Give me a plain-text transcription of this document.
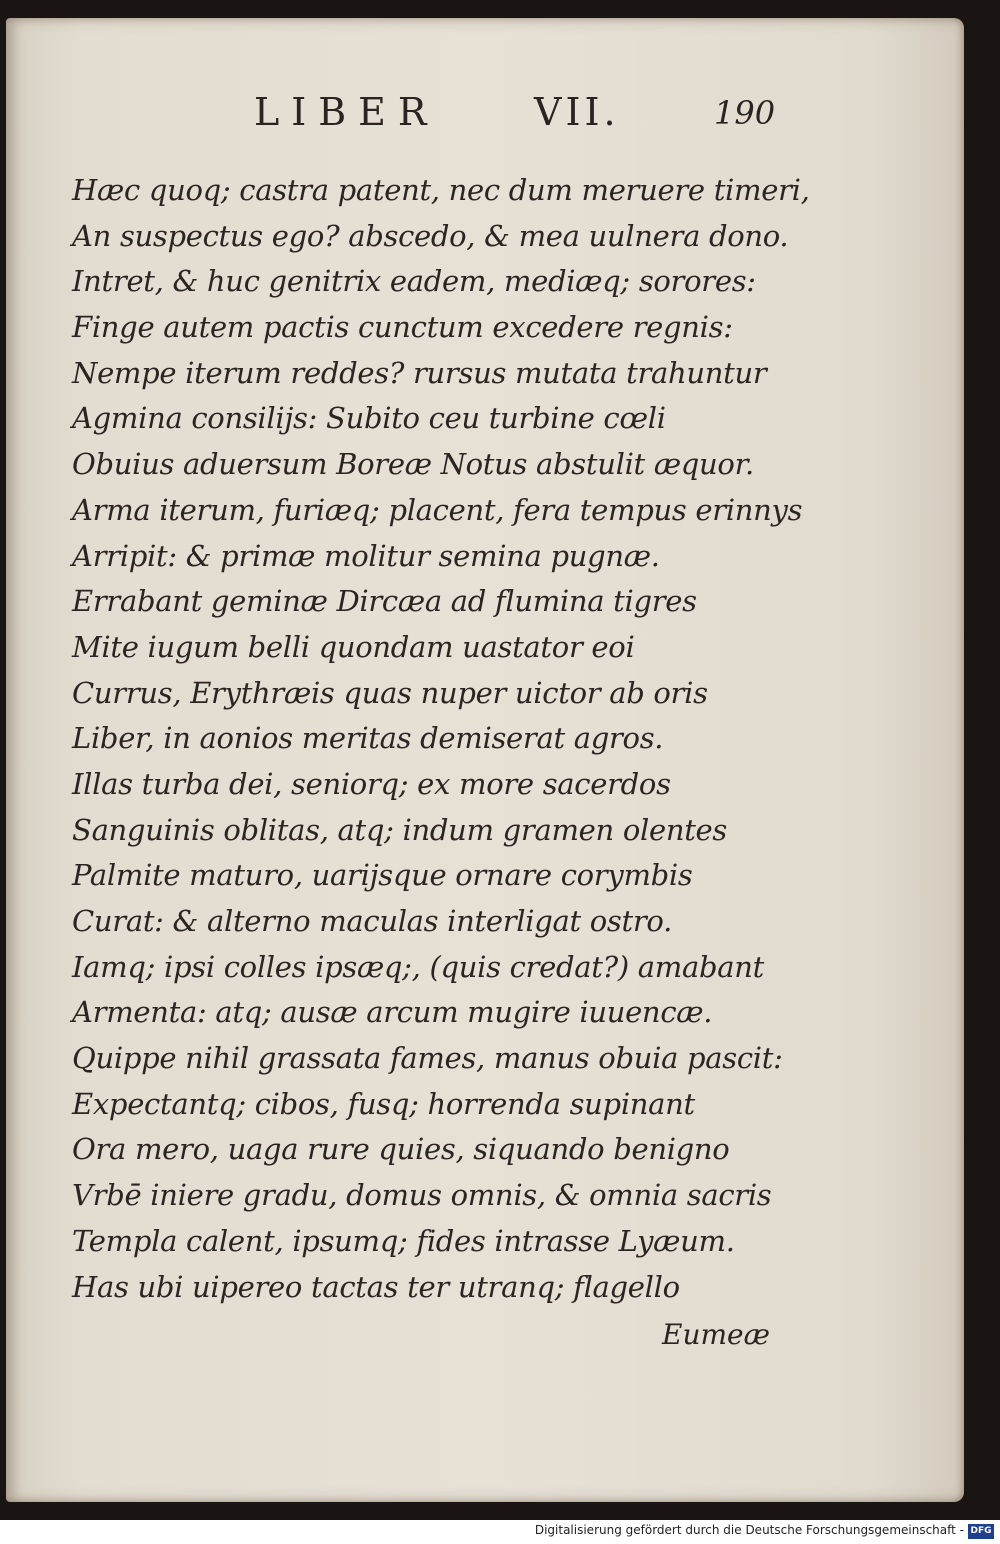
LIBER	VII.	190
Hæc quoq; castra patent, nec dum meruere timeri,
An suspectus ego? abscedo, & mea uulnera dono.
Intret, & huc genitrix eadem, mediæq; sorores:
Finge autem pactis cunctum excedere regnis:
Nempe iterum reddes? rursus mutata trahuntur
Agmina consilijs: Subito ceu turbine cœli
Obuius aduersum Boreæ Notus abstulit æquor.
Arma iterum, furiæq; placent, fera tempus erinnys
Arripit: & primæ molitur semina pugnæ.
Errabant geminæ Dircæa ad flumina tigres
Mite iugum belli quondam uastator eoi
Currus, Erythræis quas nuper uictor ab oris
Liber, in aonios meritas demiserat agros.
Illas turba dei, seniorq; ex more sacerdos
Sanguinis oblitas, atq; indum gramen olentes
Palmite maturo, uarijsque ornare corymbis
Curat: & alterno maculas interligat ostro.
Iamq; ipsi colles ipsæq;, (quis credat?) amabant
Armenta: atq; ausæ arcum mugire iuuencæ.
Quippe nihil grassata fames, manus obuia pascit:
Expectantq; cibos, fusq; horrenda supinant
Ora mero, uaga rure quies, siquando benigno
Vrbē iniere gradu, domus omnis, & omnia sacris
Templa calent, ipsumq; fides intrasse Lyæum.
Has ubi uipereo tactas ter utranq; flagello
Eumeæ
Digitalisierung gefördert durch die Deutsche Forschungsgemeinschaft - DFG
